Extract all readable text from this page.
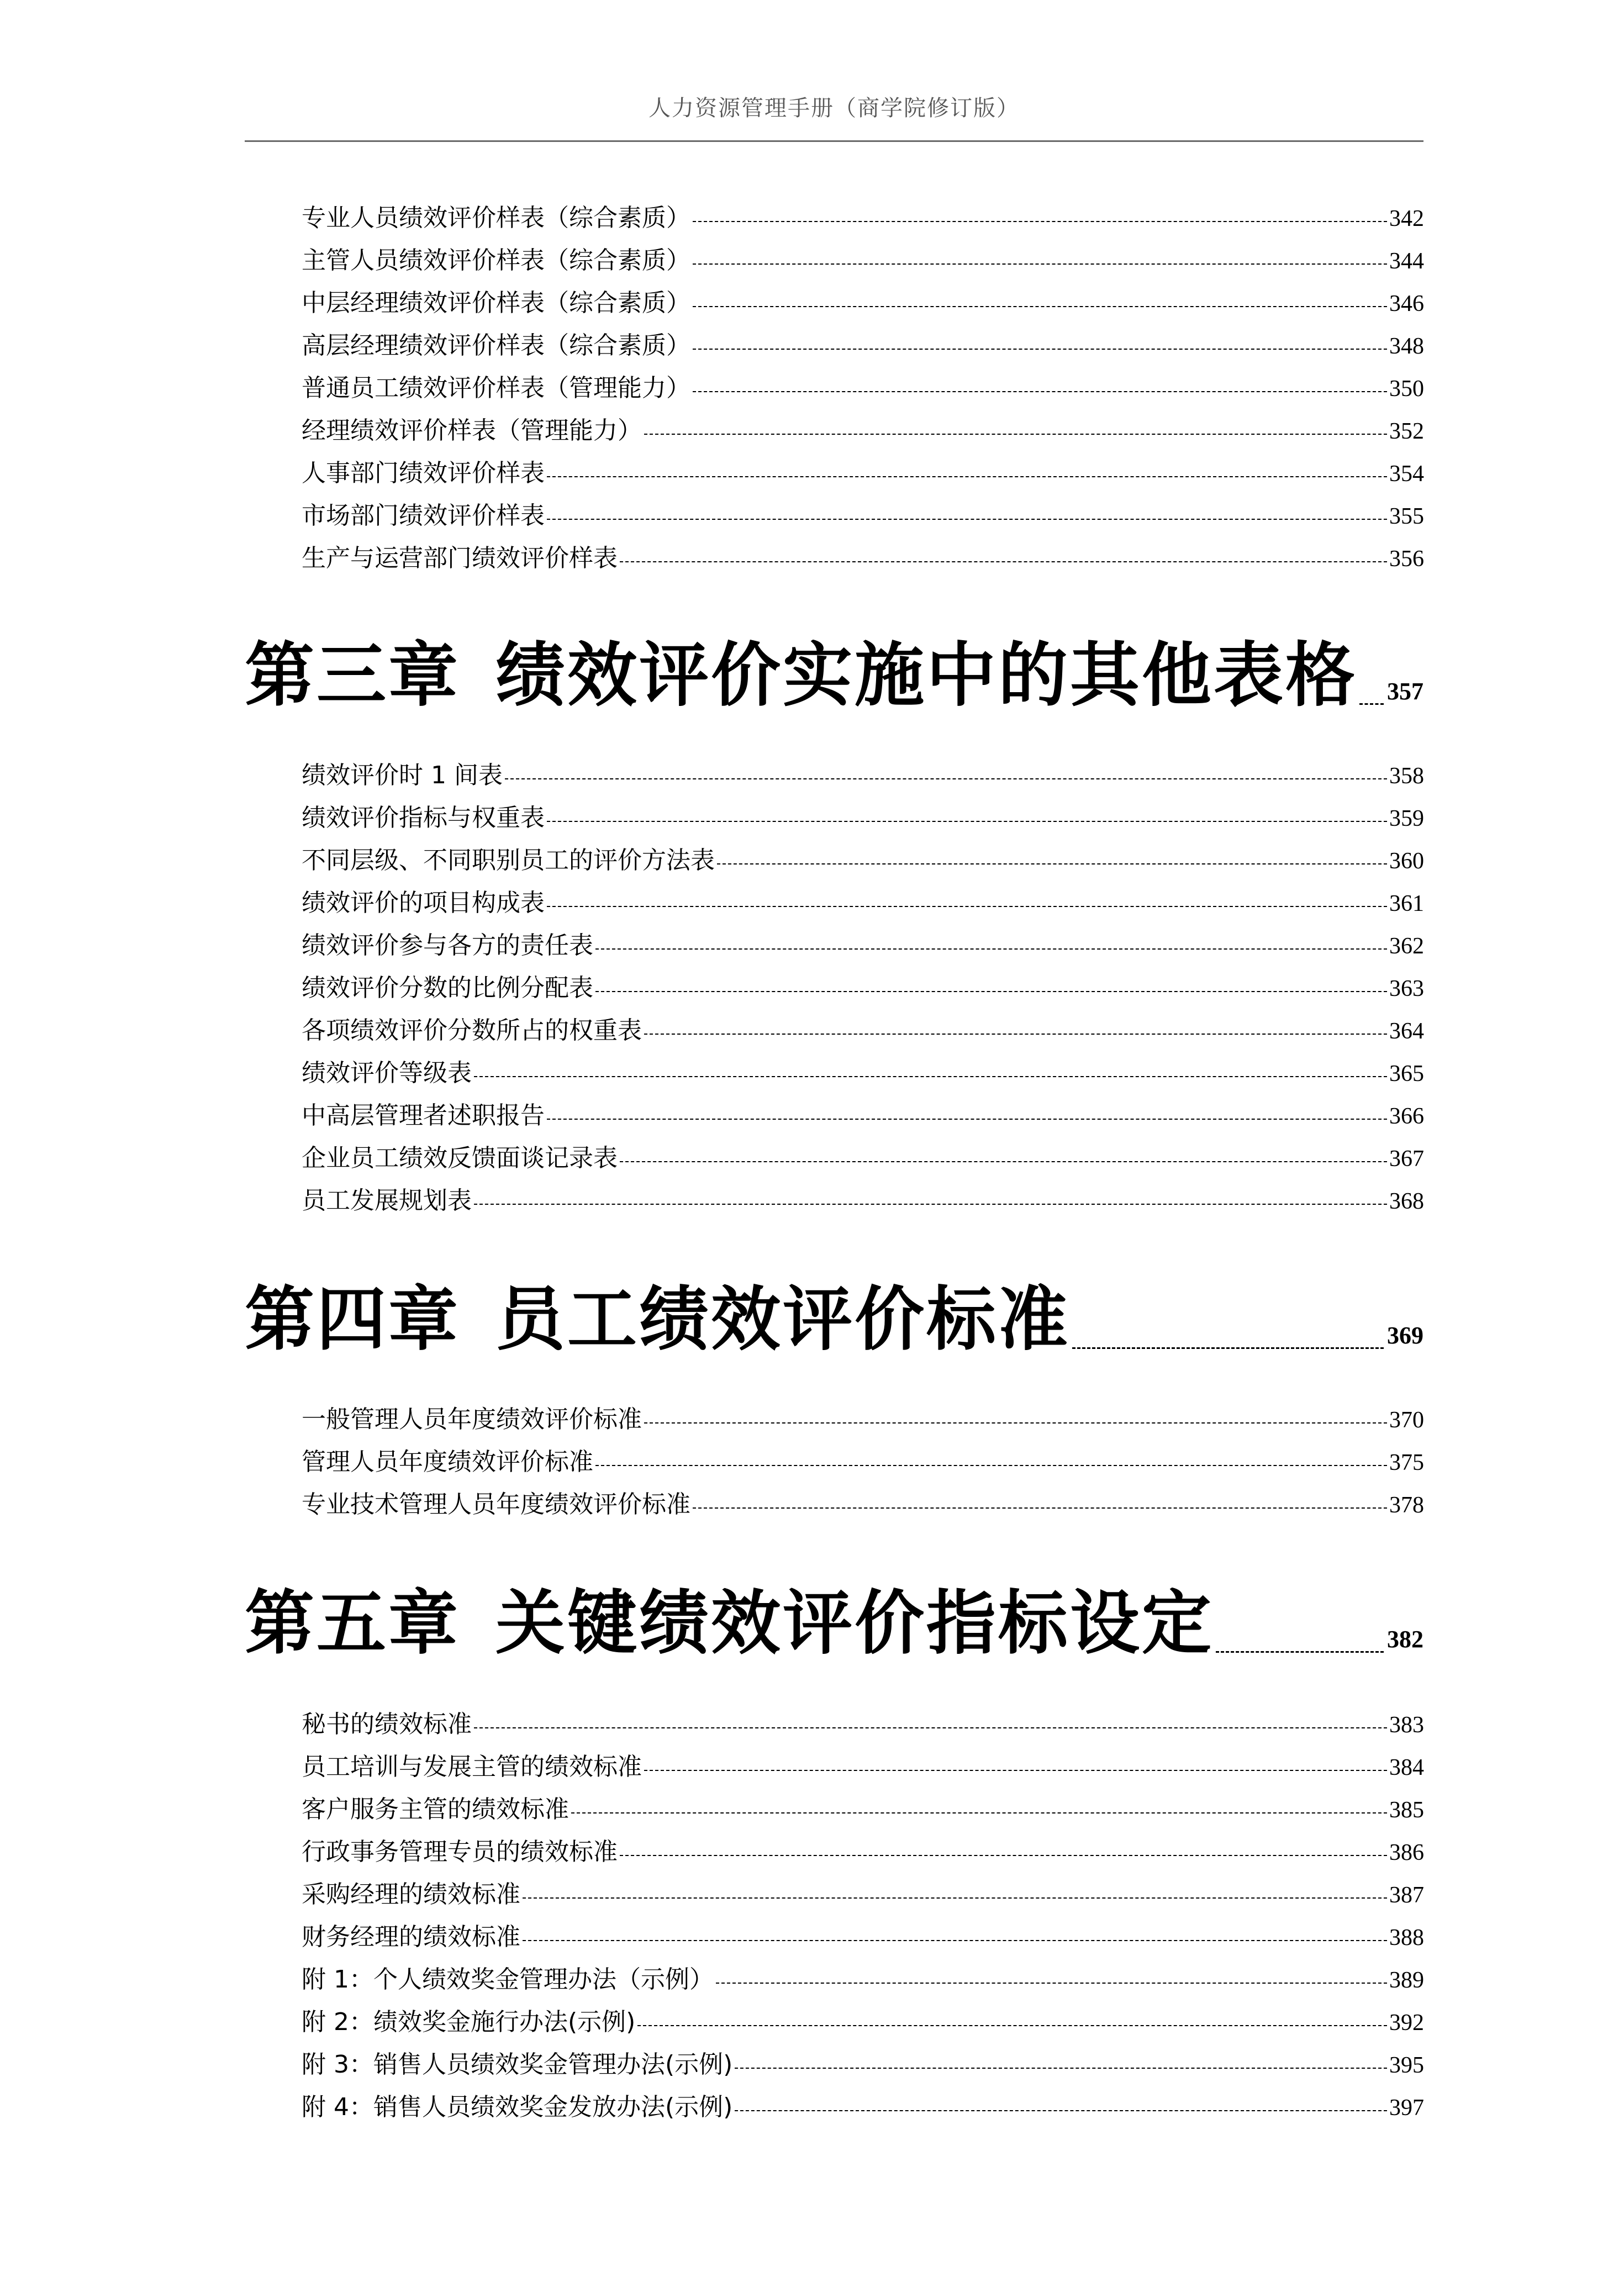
人力资源管理手册（商学院修订版）
专业人员绩效评价样表（综合素质）	342
主管人员绩效评价样表（综合素质）	344
中层经理绩效评价样表（综合素质）	346
高层经理绩效评价样表（综合素质）	348
普通员工绩效评价样表（管理能力）	350
经理绩效评价样表（管理能力）	352
人事部门绩效评价样表	354
市场部门绩效评价样表	355
生产与运营部门绩效评价样表	356
第三章 绩效评价实施中的其他表格 357
绩效评价时 1 间表	358
绩效评价指标与权重表	359
不同层级、不同职别员工的评价方法表	360
绩效评价的项目构成表	361
绩效评价参与各方的责任表	362
绩效评价分数的比例分配表	363
各项绩效评价分数所占的权重表	364
绩效评价等级表	365
中高层管理者述职报告	366
企业员工绩效反馈面谈记录表	367
员工发展规划表	368
第四章 员工绩效评价标准	369
一般管理人员年度绩效评价标准	370
管理人员年度绩效评价标准	375
专业技术管理人员年度绩效评价标准	378
第五章 关键绩效评价指标设定	382
秘书的绩效标准	383
员工培训与发展主管的绩效标准	384
客户服务主管的绩效标准	385
行政事务管理专员的绩效标准	386
采购经理的绩效标准	387
财务经理的绩效标准	388
附 1：个人绩效奖金管理办法（示例）	389
附 2：绩效奖金施行办法(示例)	392
附 3：销售人员绩效奖金管理办法(示例)	395
附 4：销售人员绩效奖金发放办法(示例)	397
